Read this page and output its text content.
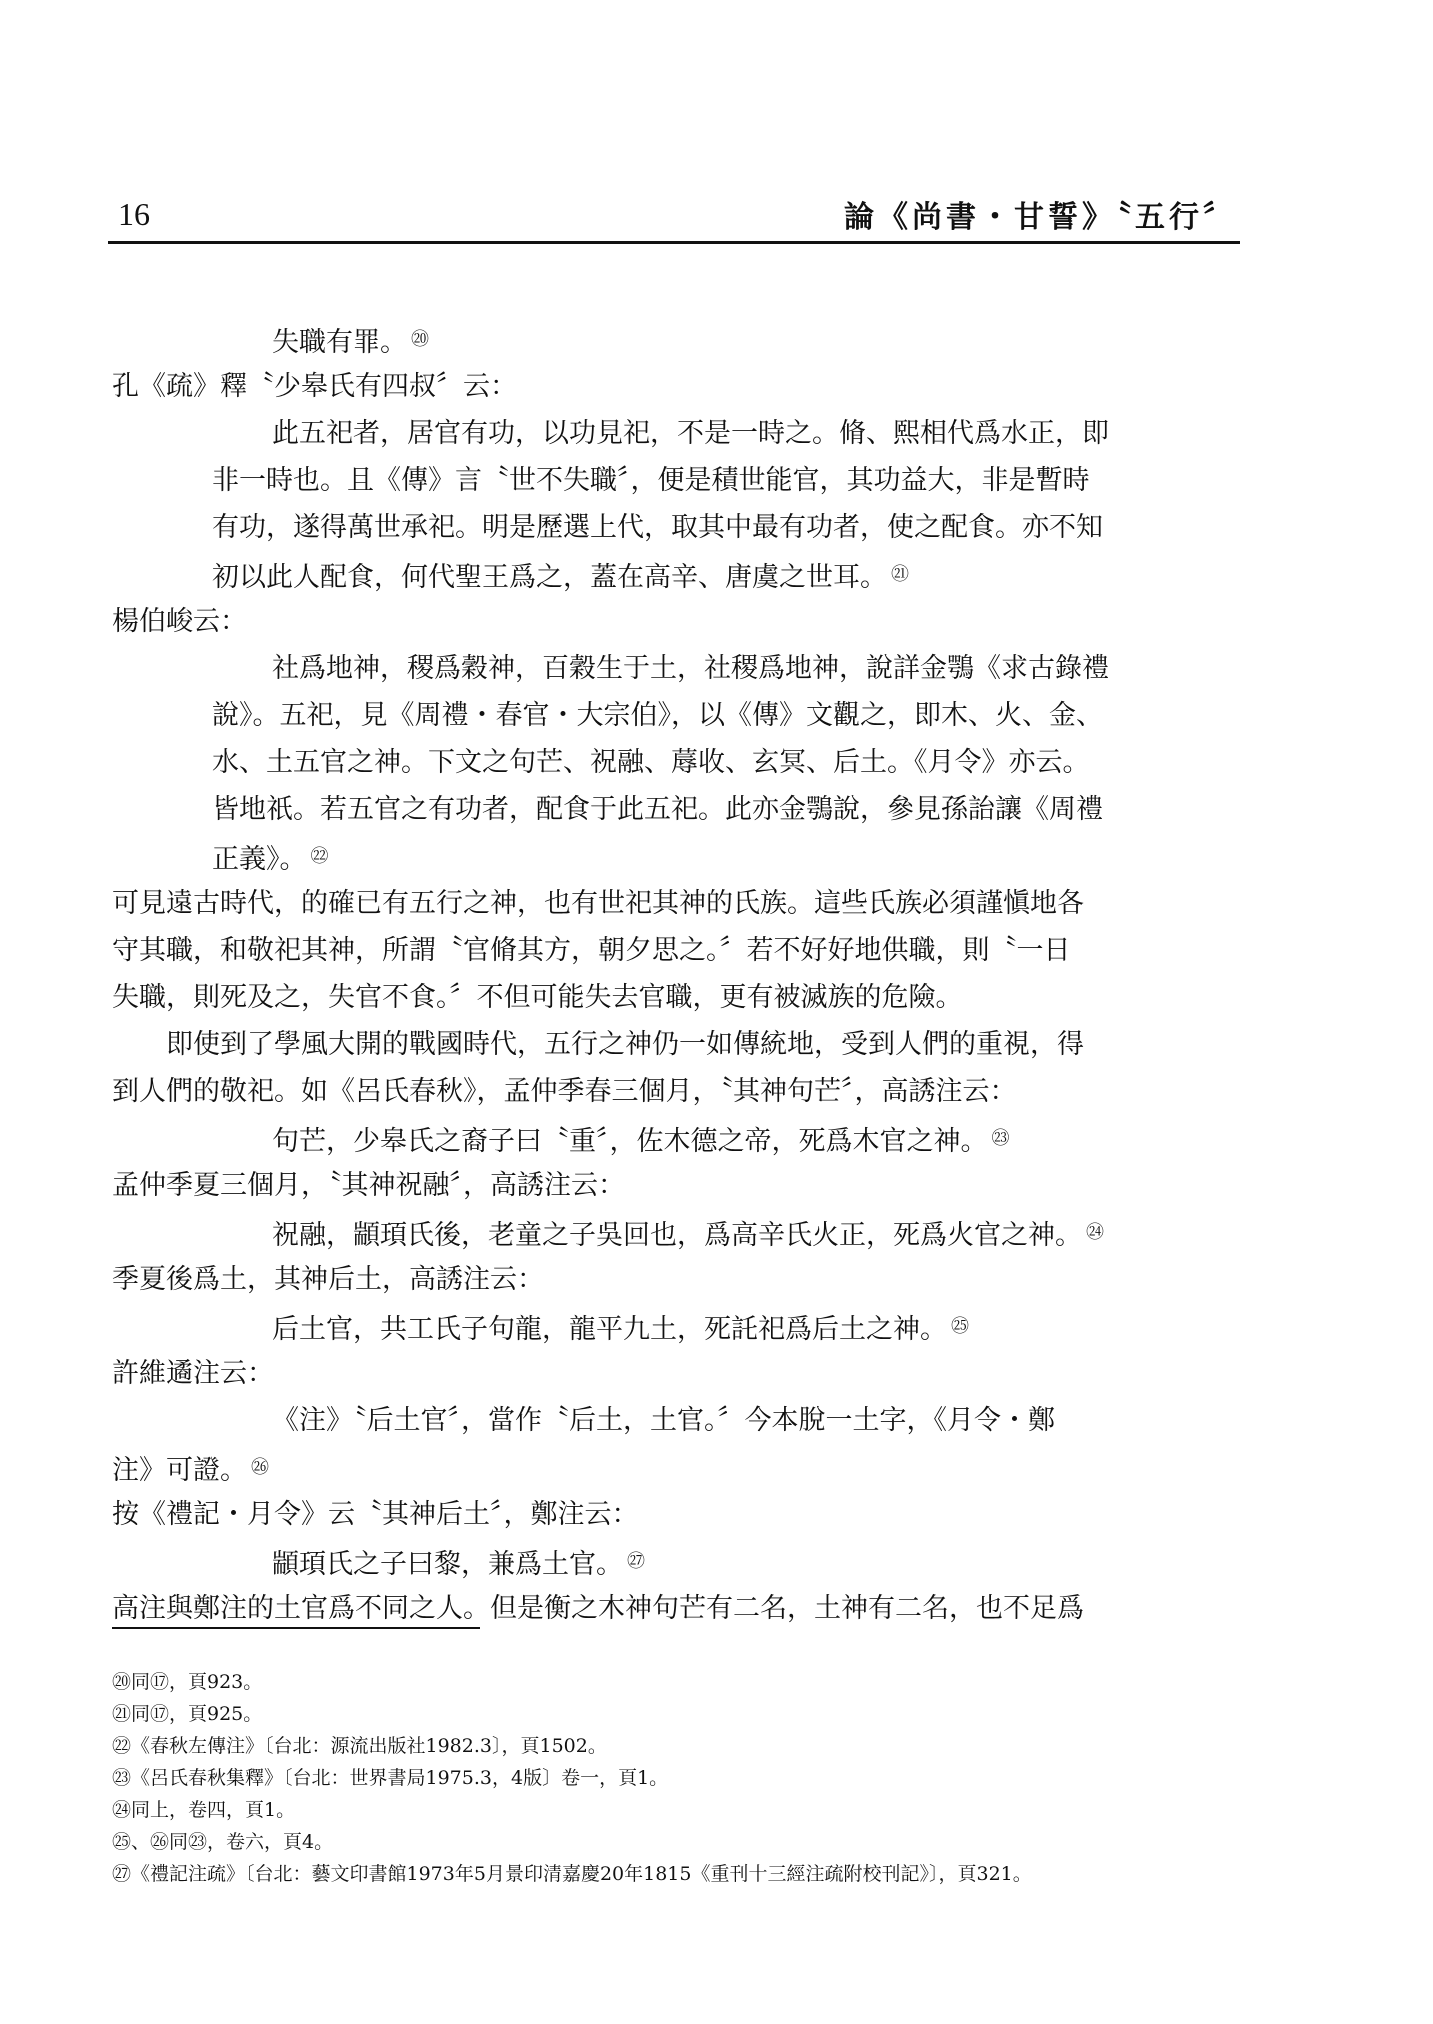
16	論《尚書・甘誓》〝五行〞
失職有罪。 ⑳
孔《疏》釋〝少皋氏有四叔〞云：
此五祀者，居官有功，以功見祀，不是一時之。脩、熙相代爲水正，即
非一時也。且《傳》言〝世不失職〞，便是積世能官，其功益大，非是暫時
有功，遂得萬世承祀。明是歷選上代，取其中最有功者，使之配食。亦不知
初以此人配食，何代聖王爲之，蓋在高辛、唐虞之世耳。 $^㉑$
楊伯峻云：
社爲地神，稷爲穀神，百穀生于土，社稷爲地神，說詳金鶚《求古錄禮
說》。五祀，見《周禮・春官・大宗伯》，以《傳》文觀之，即木、火、金、
水、土五官之神。下文之句芒、祝融、蓐收、玄冥、后土。《月令》亦云。
皆地祇。若五官之有功者，配食于此五祀。此亦金鶚說，參見孫詒讓《周禮
正義》。 $^㉒$
可見遠古時代，的確已有五行之神，也有世祀其神的氏族。這些氏族必須謹愼地各
守其職，和敬祀其神，所謂〝官脩其方，朝夕思之。〞若不好好地供職，則〝一日
失職，則死及之，失官不食。〞不但可能失去官職，更有被滅族的危險。
即使到了學風大開的戰國時代，五行之神仍一如傳統地，受到人們的重視，得
到人們的敬祀。如《呂氏春秋》，孟仲季春三個月，〝其神句芒〞，高誘注云：
句芒，少皋氏之裔子曰〝重〞，佐木德之帝，死爲木官之神。 $^㉓$
孟仲季夏三個月，〝其神祝融〞，高誘注云：
祝融，顓頊氏後，老童之子吳回也，爲高辛氏火正，死爲火官之神。 $^㉔$
季夏後爲土，其神后土，高誘注云：
后土官，共工氏子句龍，龍平九土，死託祀爲后土之神。 $^㉕$
許維遹注云：
《注》〝后土官〞，當作〝后土，土官。〞今本脫一土字，《月令・鄭
注》可證。 $^㉖$
按《禮記・月令》云〝其神后土〞，鄭注云：
顓頊氏之子曰黎，兼爲土官。 $^㉗$
高注與鄭注的土官爲不同之人。但是衡之木神句芒有二名，土神有二名，也不足爲
⑳同⑰，頁923。
㉑同⑰，頁925。
㉒《春秋左傳注》〔台北：源流出版社1982.3〕，頁1502。
㉓《呂氏春秋集釋》〔台北：世界書局1975.3，4版〕卷一，頁1。
㉔同上，卷四，頁1。
㉕、㉖同㉓，卷六，頁4。
㉗《禮記注疏》〔台北：藝文印書館1973年5月景印清嘉慶20年1815《重刊十三經注疏附校刊記》〕，頁321。
